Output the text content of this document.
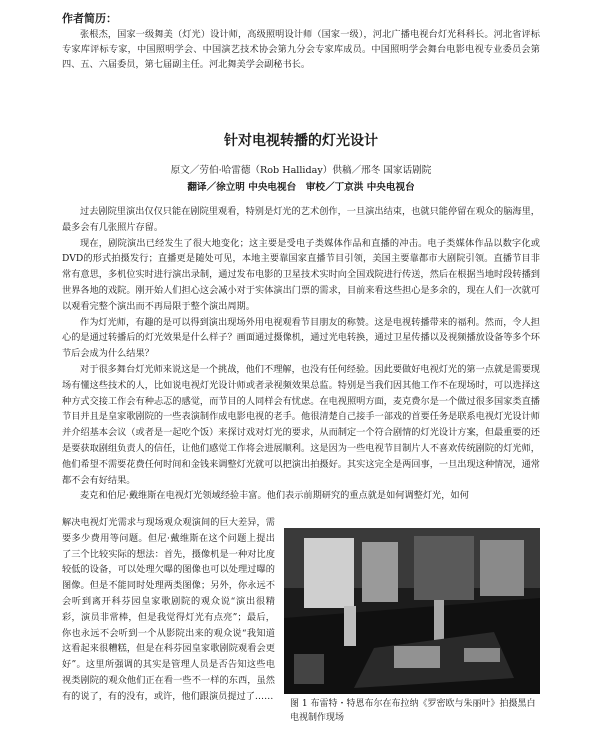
作者简历：

张根杰，国家一级舞美（灯光）设计师，高级照明设计师（国家一级），河北广播电视台灯光科科长。河北省评标专家库评标专家，中国照明学会、中国演艺技术协会第九分会专家库成员。中国照明学会舞台电影电视专业委员会第四、五、六届委员，第七届副主任。河北舞美学会副秘书长。

针对电视转播的灯光设计
原文／劳伯·哈雷德（Rob Halliday）供稿／邢冬 国家话剧院
翻译／徐立明 中央电视台　审校／丁京洪 中央电视台

过去剧院里演出仅仅只能在剧院里观看，特别是灯光的艺术创作，一旦演出结束，也就只能停留在观众的脑海里，最多会有几张照片存留。

现在，剧院演出已经发生了很大地变化；这主要是受电子类媒体作品和直播的冲击。电子类媒体作品以数字化或DVD的形式拍摄发行；直播更是随处可见，本地主要靠国家直播节目引领，美国主要靠都市大剧院引领。直播节目非常有意思，多机位实时进行演出录制，通过发布电影的卫星技术实时向全国戏院进行传送，然后在根据当地时段转播到世界各地的戏院。刚开始人们担心这会减小对于实体演出门票的需求，目前来看这些担心是多余的，现在人们一次就可以观看完整个演出而不再局限于整个演出周期。

作为灯光师，有趣的是可以得到演出现场外用电视观看节目朋友的称赞。这是电视转播带来的福利。然而，令人担心的是通过转播后的灯光效果是什么样子？画面通过摄像机，通过光电转换，通过卫星传播以及视频播放设备等多个环节后会成为什么结果？

对于很多舞台灯光师来说这是一个挑战，他们不理解，也没有任何经验。因此要做好电视灯光的第一点就是需要现场有懂这些技术的人，比如说电视灯光设计师或者录视频效果总监。特别是当我们因其他工作不在现场时，可以选择这种方式交接工作会有种忐忑的感觉，而节目的人同样会有忧虑。在电视照明方面，麦克费尔是一个做过很多国家类直播节目并且是皇家歌剧院的一些表演制作成电影电视的老手。他很清楚自己接手一部戏的首要任务是联系电视灯光设计师并介绍基本会议（或者是一起吃个饭）来探讨戏对灯光的要求，从而制定一个符合剧情的灯光设计方案，但最重要的还是要获取剧组负责人的信任，让他们感觉工作将会进展顺利。这是因为一些电视节目制片人不喜欢传统剧院的灯光师，他们希望不需要花费任何时间和金钱来调整灯光就可以把演出拍摄好。其实这完全是两回事，一旦出现这种情况，通常都不会有好结果。

麦克和伯尼·戴维斯在电视灯光领域经验丰富。他们表示前期研究的重点就是如何调整灯光，如何

解决电视灯光需求与现场观众观演间的巨大差异，需要多少费用等问题。但尼·戴维斯在这个问题上提出了三个比较实际的想法：首先，摄像机是一种对比度较低的设备，可以处理欠曝的图像也可以处理过曝的图像。但是不能同时处理两类图像；另外，你永远不会听到离开科芬园皇家歌剧院的观众说“演出很精彩，演员非常棒，但是我觉得灯光有点亮”；最后，你也永远不会听到一个从影院出来的观众说“我知道这看起来很糟糕，但是在科芬园皇家歌剧院观看会更好”。这里所强调的其实是管理人员是否告知这些电视类剧院的观众他们正在看一些不一样的东西，虽然有的说了，有的没有，或许，他们跟演员提过了……

图 1 布雷特・特恩布尔在布拉纳《罗密欧与朱丽叶》拍摄黑白电视制作现场
